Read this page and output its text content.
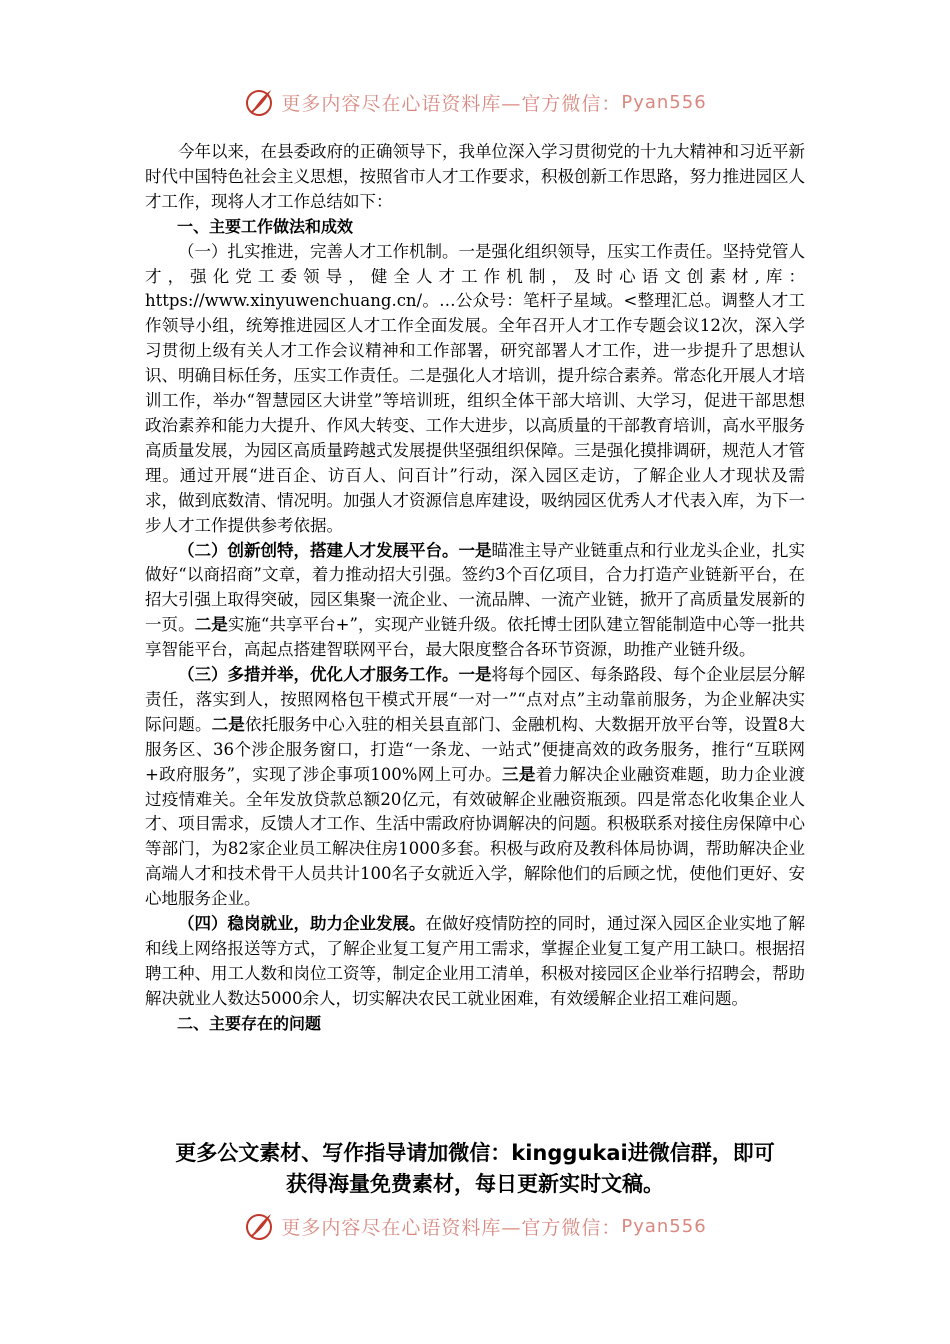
更多内容尽在心语资料库—官方微信： Pyan556

今年以来，在县委政府的正确领导下，我单位深入学习贯彻党的十九大精神和习近平新时代中国特色社会主义思想，按照省市人才工作要求，积极创新工作思路，努力推进园区人才工作，现将人才工作总结如下：

一、主要工作做法和成效

（一）扎实推进，完善人才工作机制。一是强化组织领导，压实工作责任。坚持党管人才，强化党工委领导，健全人才工作机制，及时心语文创素材,库：https://www.xinyuwenchuang.cn/。…公众号：笔杆子星域。<整理汇总。调整人才工作领导小组，统筹推进园区人才工作全面发展。全年召开人才工作专题会议12次，深入学习贯彻上级有关人才工作会议精神和工作部署，研究部署人才工作，进一步提升了思想认识、明确目标任务，压实工作责任。二是强化人才培训，提升综合素养。常态化开展人才培训工作，举办“智慧园区大讲堂”等培训班，组织全体干部大培训、大学习，促进干部思想政治素养和能力大提升、作风大转变、工作大进步，以高质量的干部教育培训，高水平服务高质量发展，为园区高质量跨越式发展提供坚强组织保障。三是强化摸排调研，规范人才管理。通过开展“进百企、访百人、问百计”行动，深入园区走访，了解企业人才现状及需求，做到底数清、情况明。加强人才资源信息库建设，吸纳园区优秀人才代表入库，为下一步人才工作提供参考依据。

（二）创新创特，搭建人才发展平台。一是瞄准主导产业链重点和行业龙头企业，扎实做好“以商招商”文章，着力推动招大引强。签约3个百亿项目，合力打造产业链新平台，在招大引强上取得突破，园区集聚一流企业、一流品牌、一流产业链，掀开了高质量发展新的一页。二是实施“共享平台+”，实现产业链升级。依托博士团队建立智能制造中心等一批共享智能平台，高起点搭建智联网平台，最大限度整合各环节资源，助推产业链升级。

（三）多措并举，优化人才服务工作。一是将每个园区、每条路段、每个企业层层分解责任，落实到人，按照网格包干模式开展“一对一”“点对点”主动靠前服务，为企业解决实际问题。二是依托服务中心入驻的相关县直部门、金融机构、大数据开放平台等，设置8大服务区、36个涉企服务窗口，打造“一条龙、一站式”便捷高效的政务服务，推行“互联网+政府服务”，实现了涉企事项100%网上可办。三是着力解决企业融资难题，助力企业渡过疫情难关。全年发放贷款总额20亿元，有效破解企业融资瓶颈。四是常态化收集企业人才、项目需求，反馈人才工作、生活中需政府协调解决的问题。积极联系对接住房保障中心等部门，为82家企业员工解决住房1000多套。积极与政府及教科体局协调，帮助解决企业高端人才和技术骨干人员共计100名子女就近入学，解除他们的后顾之忧，使他们更好、安心地服务企业。

（四）稳岗就业，助力企业发展。在做好疫情防控的同时，通过深入园区企业实地了解和线上网络报送等方式，了解企业复工复产用工需求，掌握企业复工复产用工缺口。根据招聘工种、用工人数和岗位工资等，制定企业用工清单，积极对接园区企业举行招聘会，帮助解决就业人数达5000余人，切实解决农民工就业困难，有效缓解企业招工难问题。

二、主要存在的问题

更多公文素材、写作指导请加微信：kinggukai进微信群，即可
获得海量免费素材，每日更新实时文稿。
更多内容尽在心语资料库—官方微信： Pyan556
